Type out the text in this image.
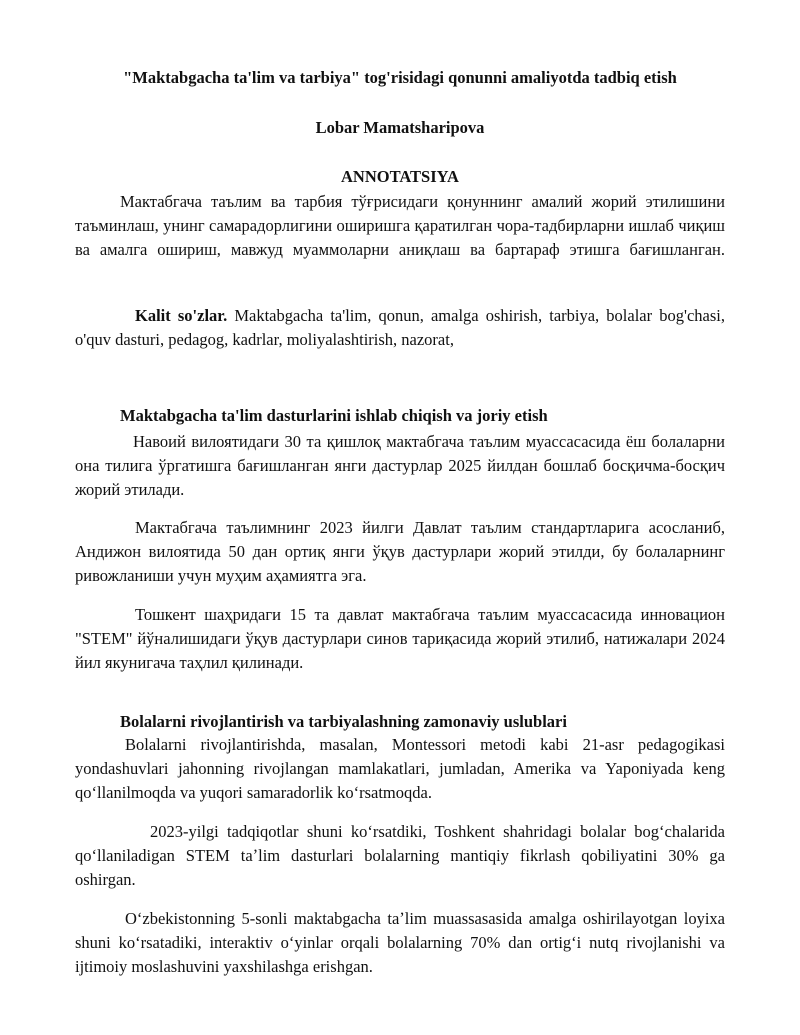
"Maktabgacha ta'lim va tarbiya" tog'risidagi qonunni amaliyotda tadbiq etish

Lobar Mamatsharipova

ANNOTATSIYA

Мактабгача таълим ва тарбия тўғрисидаги қонуннинг амалий жорий этилишини таъминлаш, унинг самарадорлигини оширишга қаратилган чора-тадбирларни ишлаб чиқиш ва амалга ошириш, мавжуд муаммоларни аниқлаш ва бартараф этишга бағишланган.

Kalit so'zlar. Maktabgacha ta'lim, qonun, amalga oshirish, tarbiya, bolalar bog'chasi, o'quv dasturi, pedagog, kadrlar, moliyalashtirish, nazorat,

Maktabgacha ta'lim dasturlarini ishlab chiqish va joriy etish

Навоий вилоятидаги 30 та қишлоқ мактабгача таълим муассасасида ёш болаларни она тилига ўргатишга бағишланган янги дастурлар 2025 йилдан бошлаб босқичма-босқич жорий этилади.

Мактабгача таълимнинг 2023 йилги Давлат таълим стандартларига асосланиб, Андижон вилоятида 50 дан ортиқ янги ўқув дастурлари жорий этилди, бу болаларнинг ривожланиши учун муҳим аҳамиятга эга.

Тошкент шаҳридаги 15 та давлат мактабгача таълим муассасасида инновацион "STEM" йўналишидаги ўқув дастурлари синов тариқасида жорий этилиб, натижалари 2024 йил якунигача таҳлил қилинади.

Bolalarni rivojlantirish va tarbiyalashning zamonaviy uslublari

Bolalarni rivojlantirishda, masalan, Montessori metodi kabi 21-asr pedagogikasi yondashuvlari jahonning rivojlangan mamlakatlari, jumladan, Amerika va Yaponiyada keng qoʻllanilmoqda va yuqori samaradorlik koʻrsatmoqda.

2023-yilgi tadqiqotlar shuni koʻrsatdiki, Toshkent shahridagi bolalar bogʻchalarida qoʻllaniladigan STEM taʼlim dasturlari bolalarning mantiqiy fikrlash qobiliyatini 30% ga oshirgan.

Oʻzbekistonning 5-sonli maktabgacha taʼlim muassasasida amalga oshirilayotgan loyixa shuni koʻrsatadiki, interaktiv oʻyinlar orqali bolalarning 70% dan ortigʻi nutq rivojlanishi va ijtimoiy moslashuvini yaxshilashga erishgan.
